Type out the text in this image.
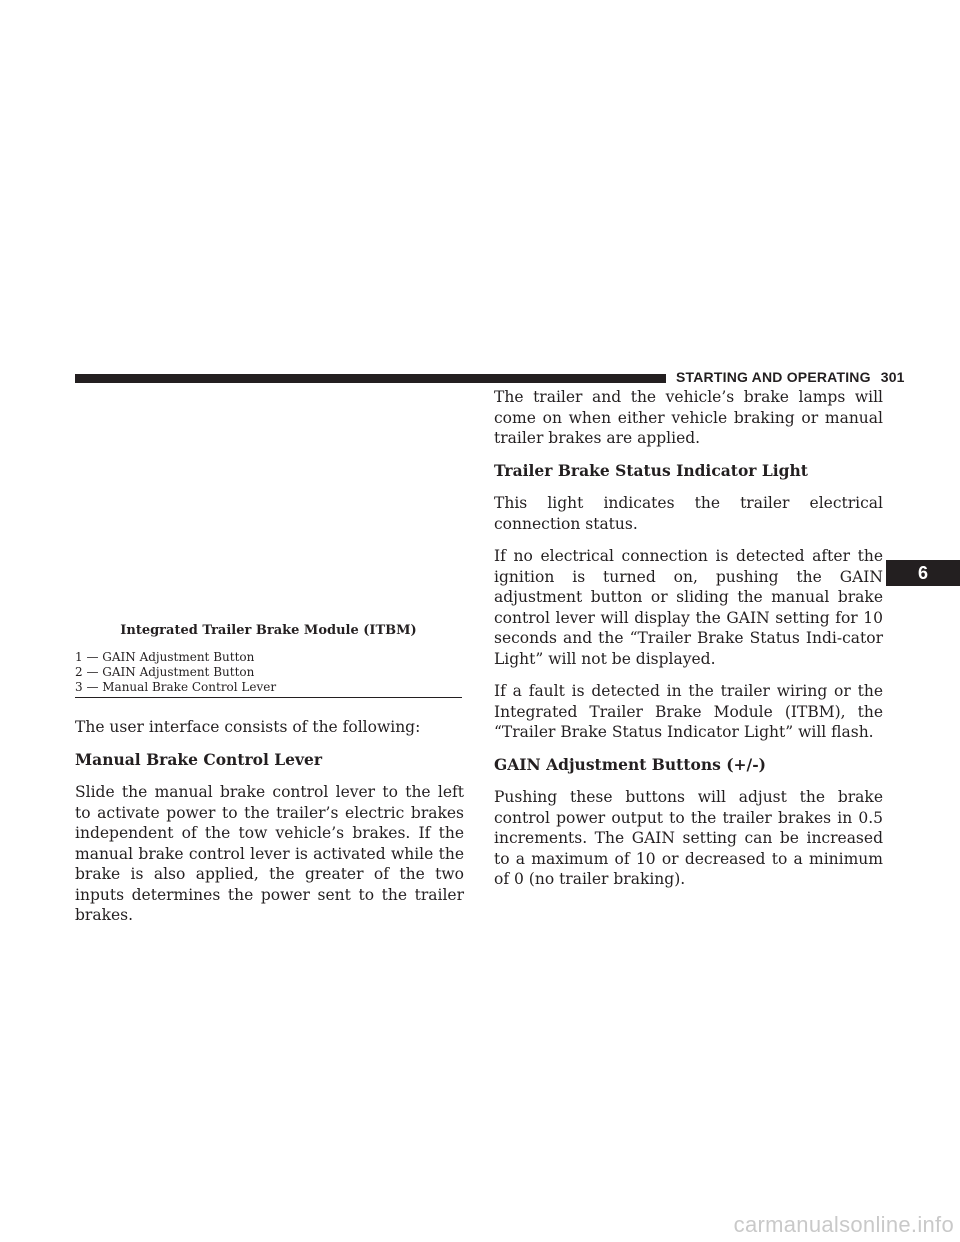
STARTING AND OPERATING 301
Integrated Trailer Brake Module (ITBM)
1 — GAIN Adjustment Button
2 — GAIN Adjustment Button
3 — Manual Brake Control Lever

The user interface consists of the following:

Manual Brake Control Lever

Slide the manual brake control lever to the left to activate power to the trailer’s electric brakes independent of the tow vehicle’s brakes. If the manual brake control lever is activated while the brake is also applied, the greater of the two inputs determines the power sent to the trailer brakes.

The trailer and the vehicle’s brake lamps will come on when either vehicle braking or manual trailer brakes are applied.

Trailer Brake Status Indicator Light

This light indicates the trailer electrical connection status.

If no electrical connection is detected after the ignition is turned on, pushing the GAIN adjustment button or sliding the manual brake control lever will display the GAIN setting for 10 seconds and the “Trailer Brake Status Indi-cator Light” will not be displayed.

If a fault is detected in the trailer wiring or the Integrated Trailer Brake Module (ITBM), the “Trailer Brake Status Indicator Light” will flash.

GAIN Adjustment Buttons (+/-)

Pushing these buttons will adjust the brake control power output to the trailer brakes in 0.5 increments. The GAIN setting can be increased to a maximum of 10 or decreased to a minimum of 0 (no trailer braking).

6
carmanualsonline.info
